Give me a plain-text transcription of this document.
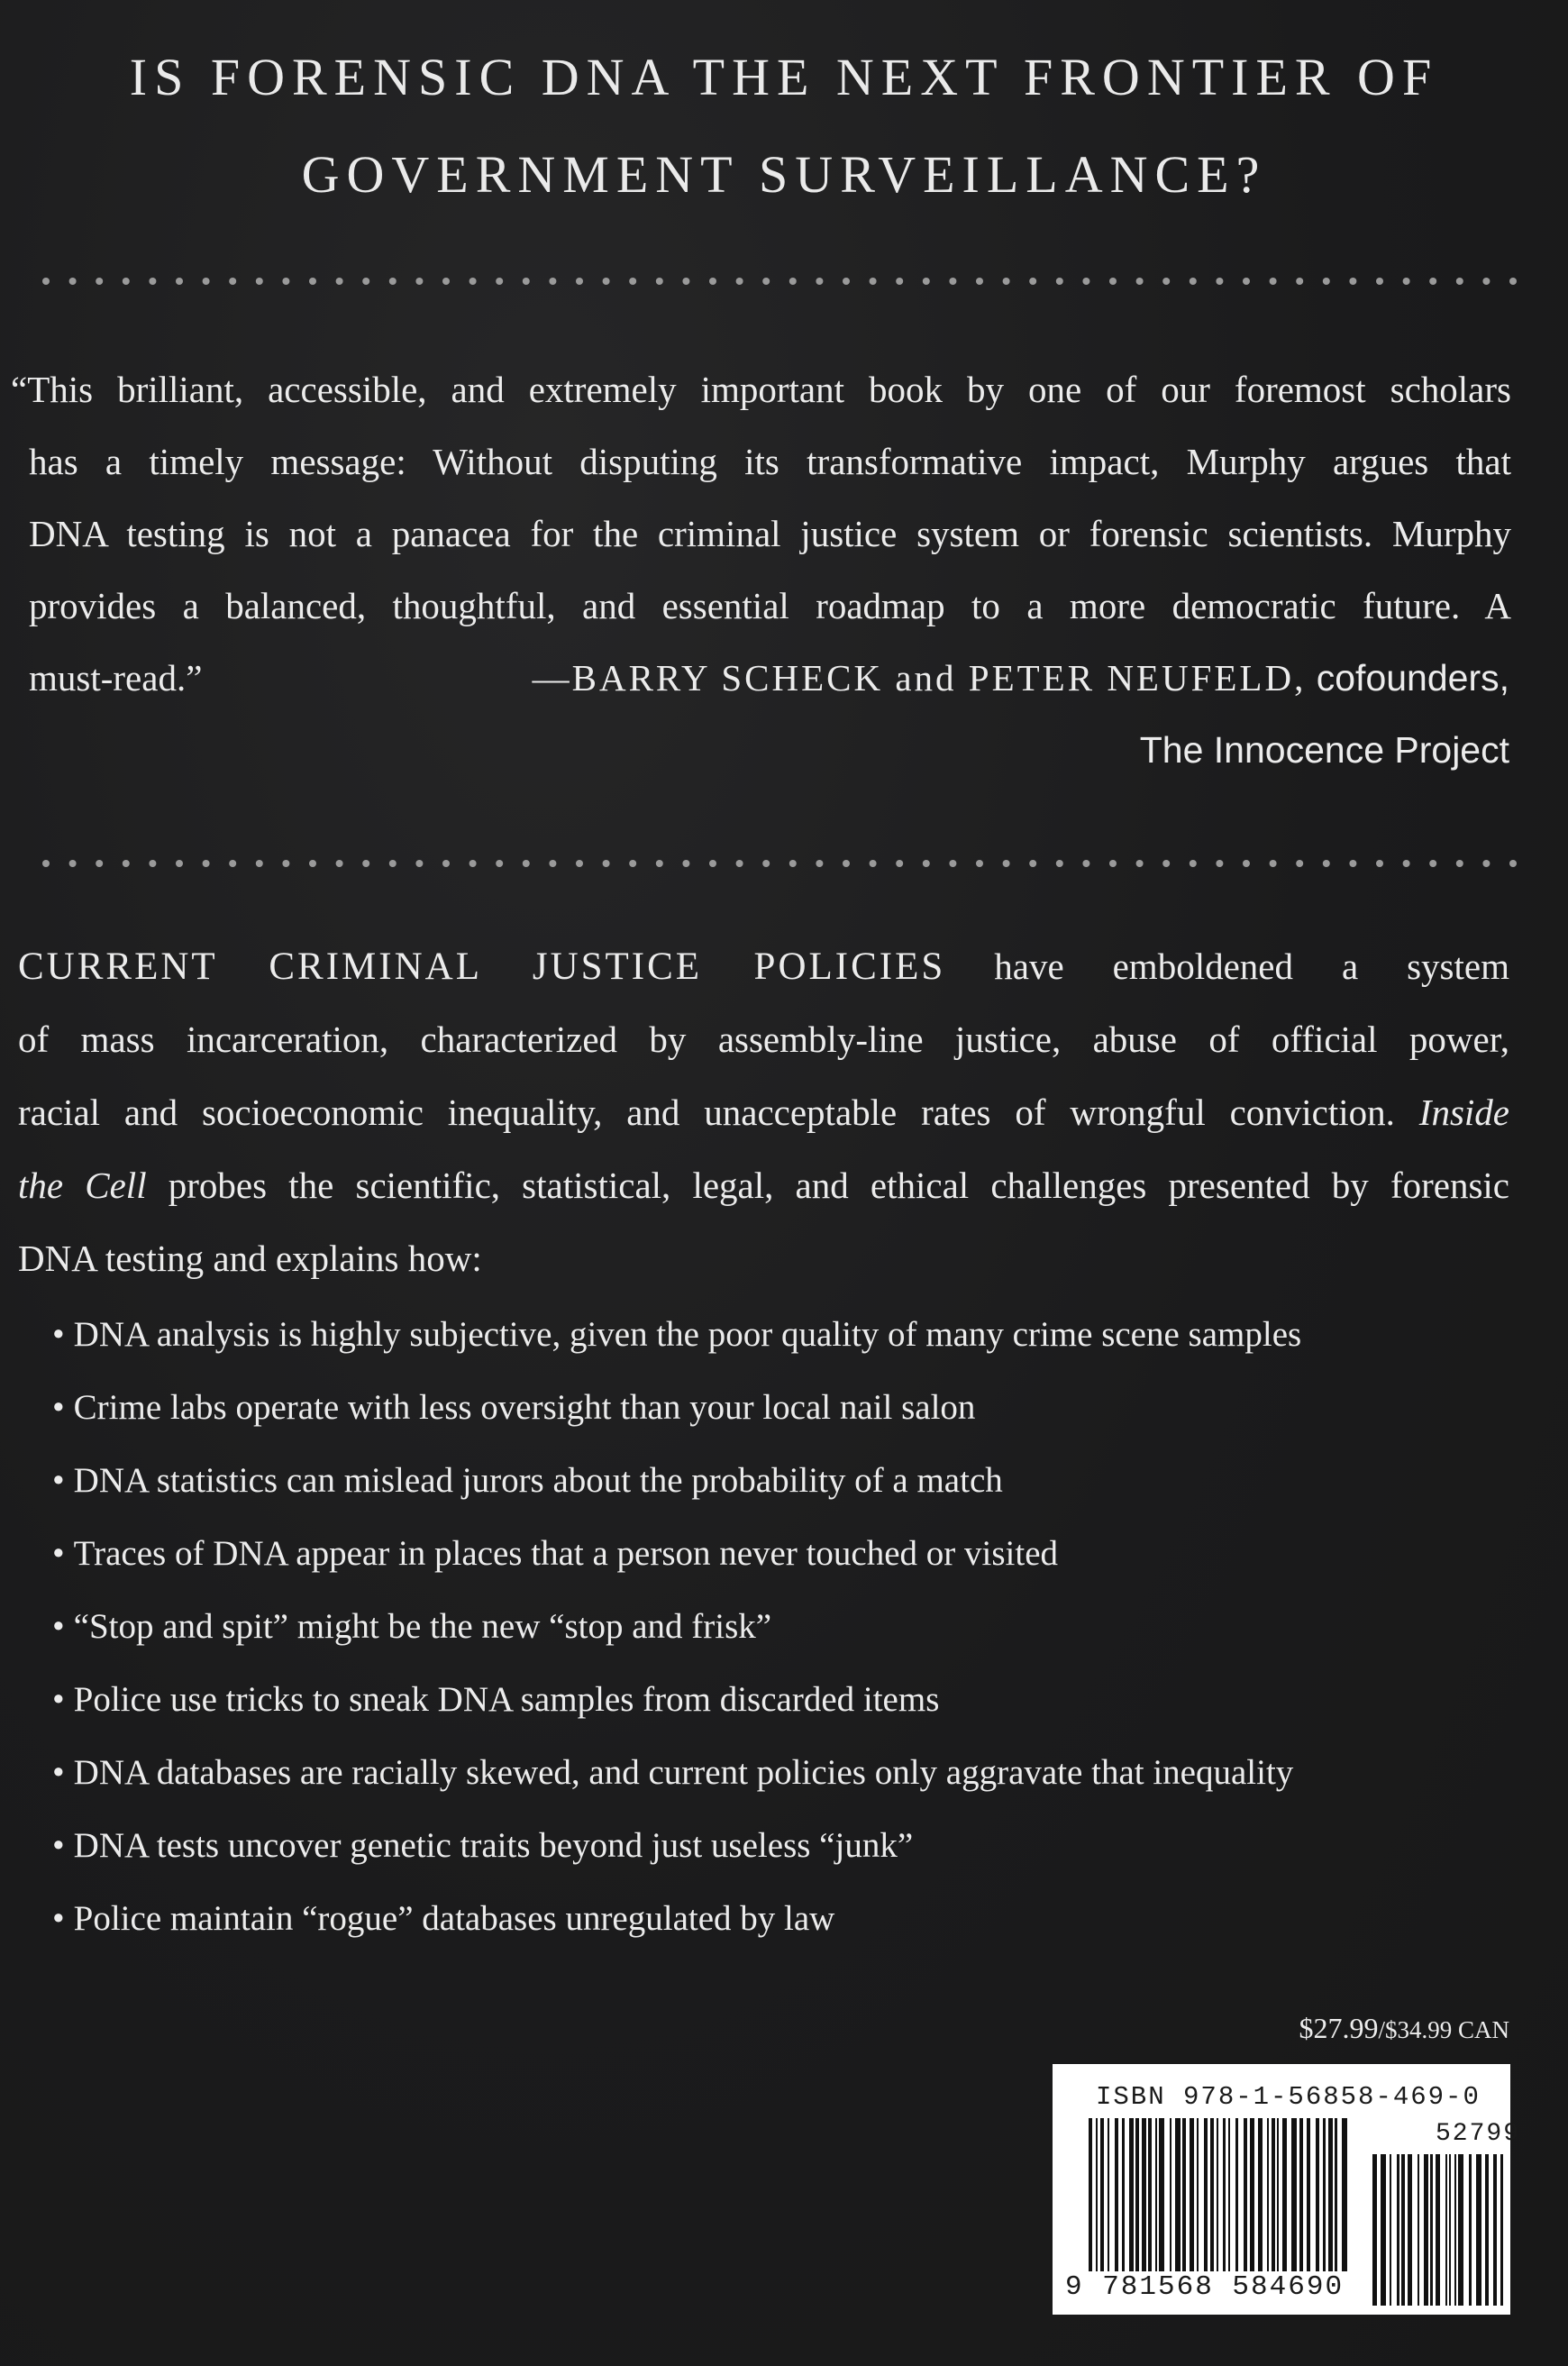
IS FORENSIC DNA THE NEXT FRONTIER OF
GOVERNMENT SURVEILLANCE?
“This brilliant, accessible, and extremely important book by one of our foremost scholars
has a timely message: Without disputing its transformative impact, Murphy argues that
DNA testing is not a panacea for the criminal justice system or forensic scientists. Murphy
provides a balanced, thoughtful, and essential roadmap to a more democratic future. A
must-read.”	—BARRY SCHECK and PETER NEUFELD, cofounders,
The Innocence Project
CURRENT CRIMINAL JUSTICE POLICIES have emboldened a system
of mass incarceration, characterized by assembly-line justice, abuse of official power,
racial and socioeconomic inequality, and unacceptable rates of wrongful conviction. Inside
the Cell probes the scientific, statistical, legal, and ethical challenges presented by forensic
DNA testing and explains how:
• DNA analysis is highly subjective, given the poor quality of many crime scene samples
• Crime labs operate with less oversight than your local nail salon
• DNA statistics can mislead jurors about the probability of a match
• Traces of DNA appear in places that a person never touched or visited
• “Stop and spit” might be the new “stop and frisk”
• Police use tricks to sneak DNA samples from discarded items
• DNA databases are racially skewed, and current policies only aggravate that inequality
• DNA tests uncover genetic traits beyond just useless “junk”
• Police maintain “rogue” databases unregulated by law
$27.99/$34.99 CAN
ISBN 978-1-56858-469-0
52799
9 781568 584690
